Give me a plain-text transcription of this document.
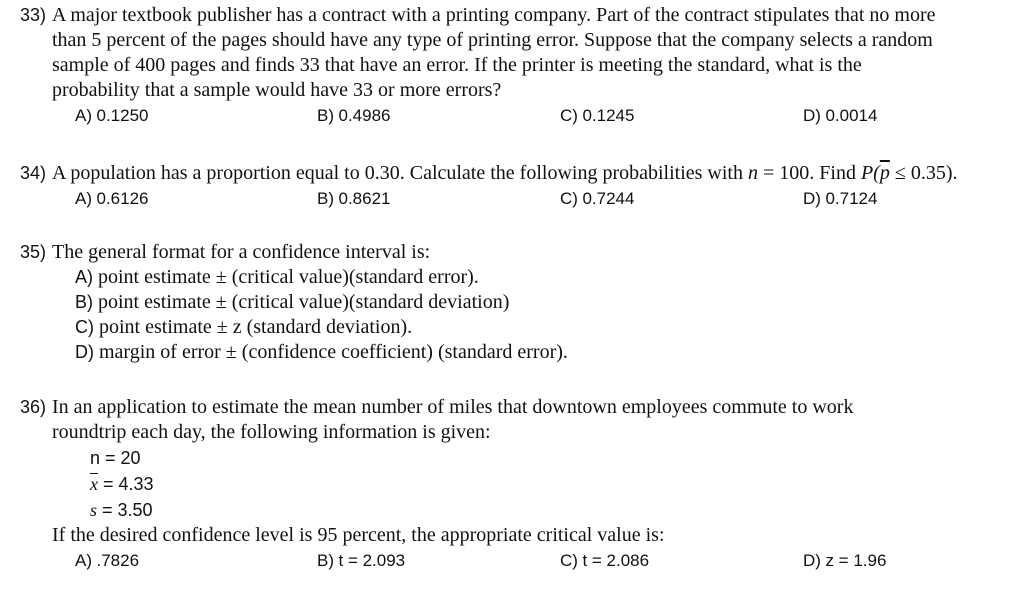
33) A major textbook publisher has a contract with a printing company. Part of the contract stipulates that no more
than 5 percent of the pages should have any type of printing error. Suppose that the company selects a random
sample of 400 pages and finds 33 that have an error. If the printer is meeting the standard, what is the
probability that a sample would have 33 or more errors?
A) 0.1250	B) 0.4986	C) 0.1245	D) 0.0014
34) A population has a proportion equal to 0.30. Calculate the following probabilities with n = 100. Find $P(\overline{p} \le 0.35)$.
A) 0.6126	B) 0.8621	C) 0.7244	D) 0.7124
35) The general format for a confidence interval is:
A) point estimate ± (critical value)(standard error).
B) point estimate ± (critical value)(standard deviation)
C) point estimate ± z (standard deviation).
D) margin of error ± (confidence coefficient) (standard error).
36) In an application to estimate the mean number of miles that downtown employees commute to work
roundtrip each day, the following information is given:
n = 20
$\overline{x} = 4.33$
s = 3.50
If the desired confidence level is 95 percent, the appropriate critical value is:
A) .7826	B) t = 2.093	C) t = 2.086	D) z = 1.96
